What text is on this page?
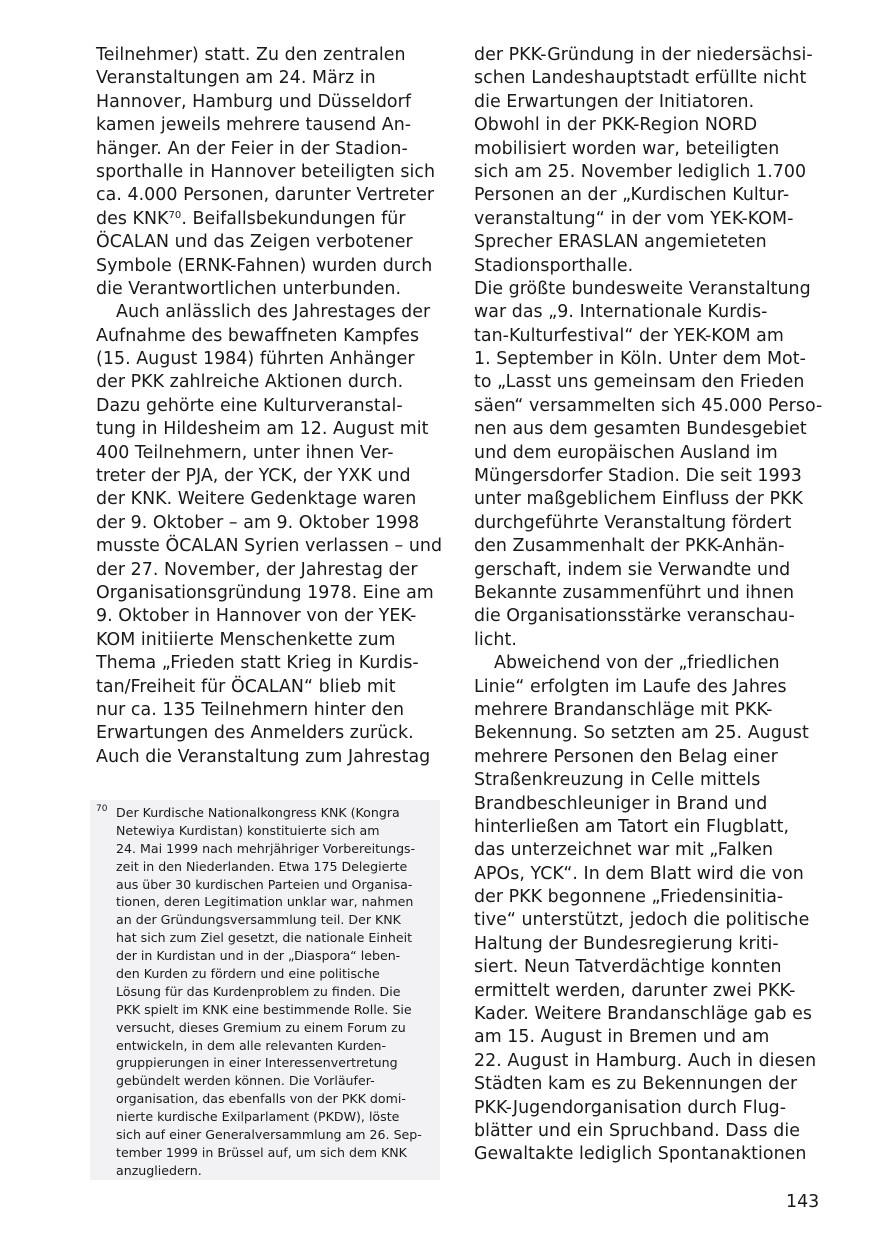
Teilnehmer) statt. Zu den zentralen
Veranstaltungen am 24. März in
Hannover, Hamburg und Düsseldorf
kamen jeweils mehrere tausend An-
hänger. An der Feier in der Stadion-
sporthalle in Hannover beteiligten sich
ca. 4.000 Personen, darunter Vertreter
des KNK$^{70}$. Beifallsbekundungen für
ÖCALAN und das Zeigen verbotener
Symbole (ERNK-Fahnen) wurden durch
die Verantwortlichen unterbunden.
Auch anlässlich des Jahrestages der
Aufnahme des bewaffneten Kampfes
(15. August 1984) führten Anhänger
der PKK zahlreiche Aktionen durch.
Dazu gehörte eine Kulturveranstal-
tung in Hildesheim am 12. August mit
400 Teilnehmern, unter ihnen Ver-
treter der PJA, der YCK, der YXK und
der KNK. Weitere Gedenktage waren
der 9. Oktober – am 9. Oktober 1998
musste ÖCALAN Syrien verlassen – und
der 27. November, der Jahrestag der
Organisationsgründung 1978. Eine am
9. Oktober in Hannover von der YEK-
KOM initiierte Menschenkette zum
Thema „Frieden statt Krieg in Kurdis-
tan/Freiheit für ÖCALAN“ blieb mit
nur ca. 135 Teilnehmern hinter den
Erwartungen des Anmelders zurück.
Auch die Veranstaltung zum Jahrestag
der PKK-Gründung in der niedersächsi-
schen Landeshauptstadt erfüllte nicht
die Erwartungen der Initiatoren.
Obwohl in der PKK-Region NORD
mobilisiert worden war, beteiligten
sich am 25. November lediglich 1.700
Personen an der „Kurdischen Kultur-
veranstaltung“ in der vom YEK-KOM-
Sprecher ERASLAN angemieteten
Stadionsporthalle.
Die größte bundesweite Veranstaltung
war das „9. Internationale Kurdis-
tan-Kulturfestival“ der YEK-KOM am
1. September in Köln. Unter dem Mot-
to „Lasst uns gemeinsam den Frieden
säen“ versammelten sich 45.000 Perso-
nen aus dem gesamten Bundesgebiet
und dem europäischen Ausland im
Müngersdorfer Stadion. Die seit 1993
unter maßgeblichem Einfluss der PKK
durchgeführte Veranstaltung fördert
den Zusammenhalt der PKK-Anhän-
gerschaft, indem sie Verwandte und
Bekannte zusammenführt und ihnen
die Organisationsstärke veranschau-
licht.
Abweichend von der „friedlichen
Linie“ erfolgten im Laufe des Jahres
mehrere Brandanschläge mit PKK-
Bekennung. So setzten am 25. August
mehrere Personen den Belag einer
Straßenkreuzung in Celle mittels
Brandbeschleuniger in Brand und
hinterließen am Tatort ein Flugblatt,
das unterzeichnet war mit „Falken
APOs, YCK“. In dem Blatt wird die von
der PKK begonnene „Friedensinitia-
tive“ unterstützt, jedoch die politische
Haltung der Bundesregierung kriti-
siert. Neun Tatverdächtige konnten
ermittelt werden, darunter zwei PKK-
Kader. Weitere Brandanschläge gab es
am 15. August in Bremen und am
22. August in Hamburg. Auch in diesen
Städten kam es zu Bekennungen der
PKK-Jugendorganisation durch Flug-
blätter und ein Spruchband. Dass die
Gewaltakte lediglich Spontanaktionen
70 Der Kurdische Nationalkongress KNK (Kongra
Netewiya Kurdistan) konstituierte sich am
24. Mai 1999 nach mehrjähriger Vorbereitungs-
zeit in den Niederlanden. Etwa 175 Delegierte
aus über 30 kurdischen Parteien und Organisa-
tionen, deren Legitimation unklar war, nahmen
an der Gründungsversammlung teil. Der KNK
hat sich zum Ziel gesetzt, die nationale Einheit
der in Kurdistan und in der „Diaspora“ leben-
den Kurden zu fördern und eine politische
Lösung für das Kurdenproblem zu finden. Die
PKK spielt im KNK eine bestimmende Rolle. Sie
versucht, dieses Gremium zu einem Forum zu
entwickeln, in dem alle relevanten Kurden-
gruppierungen in einer Interessenvertretung
gebündelt werden können. Die Vorläufer-
organisation, das ebenfalls von der PKK domi-
nierte kurdische Exilparlament (PKDW), löste
sich auf einer Generalversammlung am 26. Sep-
tember 1999 in Brüssel auf, um sich dem KNK
anzugliedern.
143
